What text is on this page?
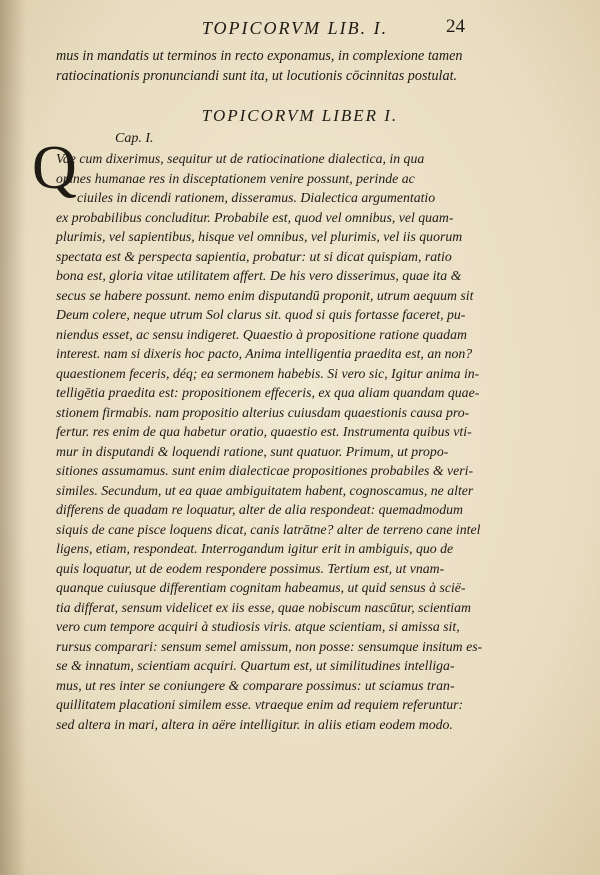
TOPICORVM LIB. I.	24
mus in mandatis ut terminos in recto exponamus, in complexione tamen
ratiocinationis pronunciandi sunt ita, ut locutionis cōcinnitas postulat.
TOPICORVM LIBER I.
Cap. I.
Q
Vae cum dixerimus, sequitur ut de ratiocinatione dialectica, in qua
omnes humanae res in disceptationem venire possunt, perinde ac
ciuiles in dicendi rationem, disseramus. Dialectica argumentatio
ex probabilibus concluditur. Probabile est, quod vel omnibus, vel quam-
plurimis, vel sapientibus, hisque vel omnibus, vel plurimis, vel iis quorum
spectata est & perspecta sapientia, probatur: ut si dicat quispiam, ratio
bona est, gloria vitae utilitatem affert. De his vero disserimus, quae ita &
secus se habere possunt. nemo enim disputandū proponit, utrum aequum sit
Deum colere, neque utrum Sol clarus sit. quod si quis fortasse faceret, pu-
niendus esset, ac sensu indigeret. Quaestio à propositione ratione quadam
interest. nam si dixeris hoc pacto, Anima intelligentia praedita est, an non?
quaestionem feceris, déq; ea sermonem habebis. Si vero sic, Igitur anima in-
telligētia praedita est: propositionem effeceris, ex qua aliam quandam quae-
stionem firmabis. nam propositio alterius cuiusdam quaestionis causa pro-
fertur. res enim de qua habetur oratio, quaestio est. Instrumenta quibus vti-
mur in disputandi & loquendi ratione, sunt quatuor. Primum, ut propo-
sitiones assumamus. sunt enim dialecticae propositiones probabiles & veri-
similes. Secundum, ut ea quae ambiguitatem habent, cognoscamus, ne alter
differens de quadam re loquatur, alter de alia respondeat: quemadmodum
siquis de cane pisce loquens dicat, canis latrātne? alter de terreno cane intel
ligens, etiam, respondeat. Interrogandum igitur erit in ambiguis, quo de
quis loquatur, ut de eodem respondere possimus. Tertium est, ut vnam-
quanque cuiusque differentiam cognitam habeamus, ut quid sensus à scië-
tia differat, sensum videlicet ex iis esse, quae nobiscum nascūtur, scientiam
vero cum tempore acquiri à studiosis viris. atque scientiam, si amissa sit,
rursus comparari: sensum semel amissum, non posse: sensumque insitum es-
se & innatum, scientiam acquiri. Quartum est, ut similitudines intelliga-
mus, ut res inter se coniungere & comparare possimus: ut sciamus tran-
quillitatem placationi similem esse. vtraeque enim ad requiem referuntur:
sed altera in mari, altera in aëre intelligitur. in aliis etiam eodem modo.
